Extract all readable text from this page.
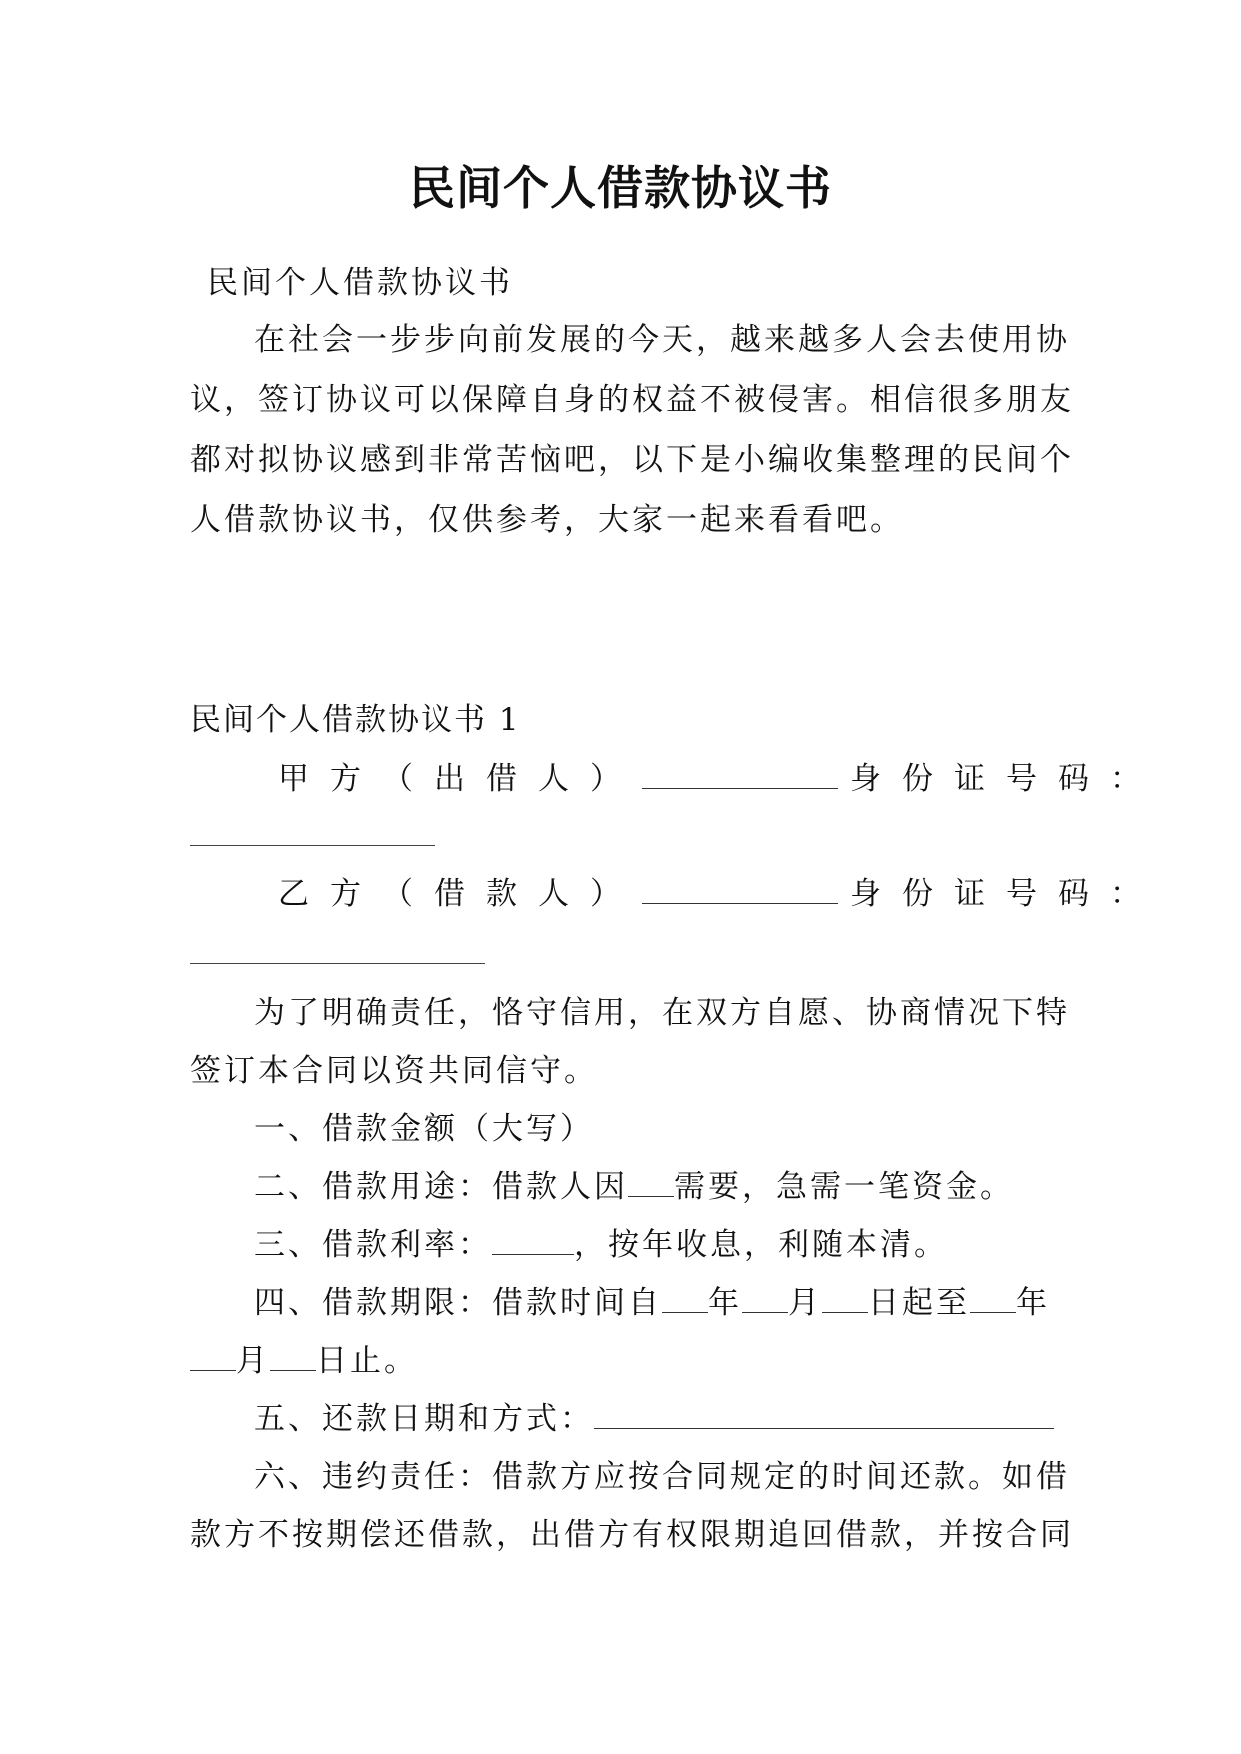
民间个人借款协议书

民间个人借款协议书

在社会一步步向前发展的今天，越来越多人会去使用协

议，签订协议可以保障自身的权益不被侵害。相信很多朋友

都对拟协议感到非常苦恼吧，以下是小编收集整理的民间个

人借款协议书，仅供参考，大家一起来看看吧。

民间个人借款协议书 1

甲方（出借人）	身份证号码：
乙方（借款人）	身份证号码：

为了明确责任，恪守信用，在双方自愿、协商情况下特

签订本合同以资共同信守。

一、借款金额（大写）

二、借款用途：借款人因 需要，急需一笔资金。
三、借款利率：	，按年收息，利随本清。
四、借款期限：借款时间自 年 月 日起至 年
月 日止。
五、还款日期和方式：

六、违约责任：借款方应按合同规定的时间还款。如借

款方不按期偿还借款，出借方有权限期追回借款，并按合同
